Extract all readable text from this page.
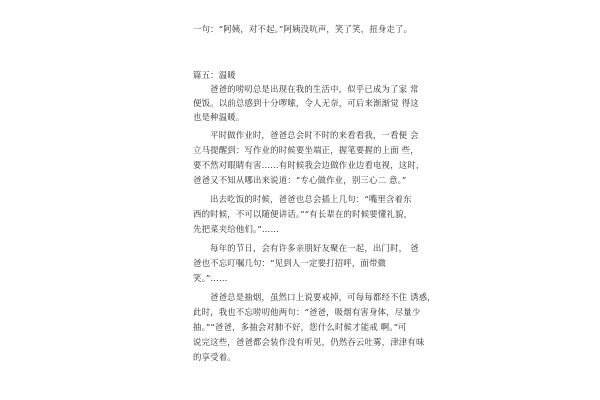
一句：“阿姨，对不起。”阿姨没吭声，笑了笑，扭身走了。
篇五：温暖
爸爸的唠叨总是出现在我的生活中，似乎已成为了家 常
便饭。以前总感到十分啰嗦，令人无奈，可后来渐渐觉 得这
也是种温暖。
平时做作业时，爸爸总会时不时的来看看我，一看便 会
立马提醒到：写作业的时候要坐端正，握笔要握的上面 些，
要不然对眼睛有害……有时候我会边做作业边看电视，这时，
爸爸又不知从哪出来说道：“专心做作业，别三心二 意。”
出去吃饭的时候，爸爸也总会插上几句：“嘴里含着东
西的时候，不可以随便讲话。”“有长辈在的时候要懂礼貌，
先把菜夹给他们。”……
每年的节日，会有许多亲朋好友聚在一起，出门时， 爸
爸也不忘叮嘱几句：“见到人一定要打招呼，面带微
笑。”……
爸爸总是抽烟，虽然口上说要戒掉，可每每都经不住 诱惑，
此时，我也不忘唠叨他两句：“爸爸，吸烟有害身体，尽量少
抽。”“爸爸，多抽会对肺不好，您什么时候才能戒 啊。”可
说完这些，爸爸都会装作没有听见，仍然吞云吐雾，津津有味
的享受着。
